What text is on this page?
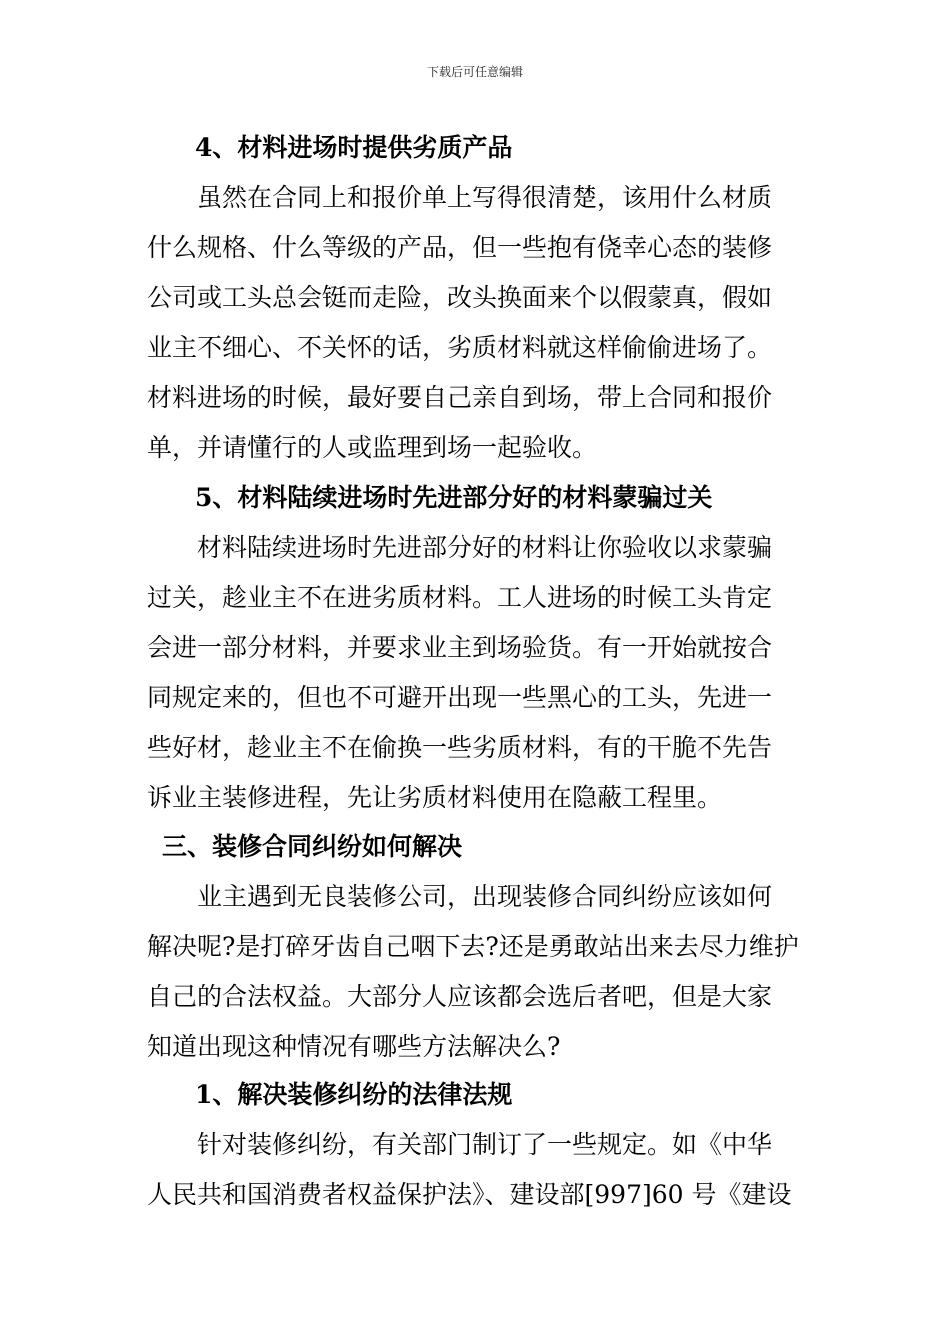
下载后可任意编辑
4、材料进场时提供劣质产品
虽然在合同上和报价单上写得很清楚，该用什么材质
什么规格、什么等级的产品，但一些抱有侥幸心态的装修
公司或工头总会铤而走险，改头换面来个以假蒙真，假如
业主不细心、不关怀的话，劣质材料就这样偷偷进场了。
材料进场的时候，最好要自己亲自到场，带上合同和报价
单，并请懂行的人或监理到场一起验收。
5、材料陆续进场时先进部分好的材料蒙骗过关
材料陆续进场时先进部分好的材料让你验收以求蒙骗
过关，趁业主不在进劣质材料。工人进场的时候工头肯定
会进一部分材料，并要求业主到场验货。有一开始就按合
同规定来的，但也不可避开出现一些黑心的工头，先进一
些好材，趁业主不在偷换一些劣质材料，有的干脆不先告
诉业主装修进程，先让劣质材料使用在隐蔽工程里。
三、装修合同纠纷如何解决
业主遇到无良装修公司，出现装修合同纠纷应该如何
解决呢?是打碎牙齿自己咽下去?还是勇敢站出来去尽力维护
自己的合法权益。大部分人应该都会选后者吧，但是大家
知道出现这种情况有哪些方法解决么?
1、解决装修纠纷的法律法规
针对装修纠纷，有关部门制订了一些规定。如《中华
人民共和国消费者权益保护法》、建设部[997]60 号《建设
